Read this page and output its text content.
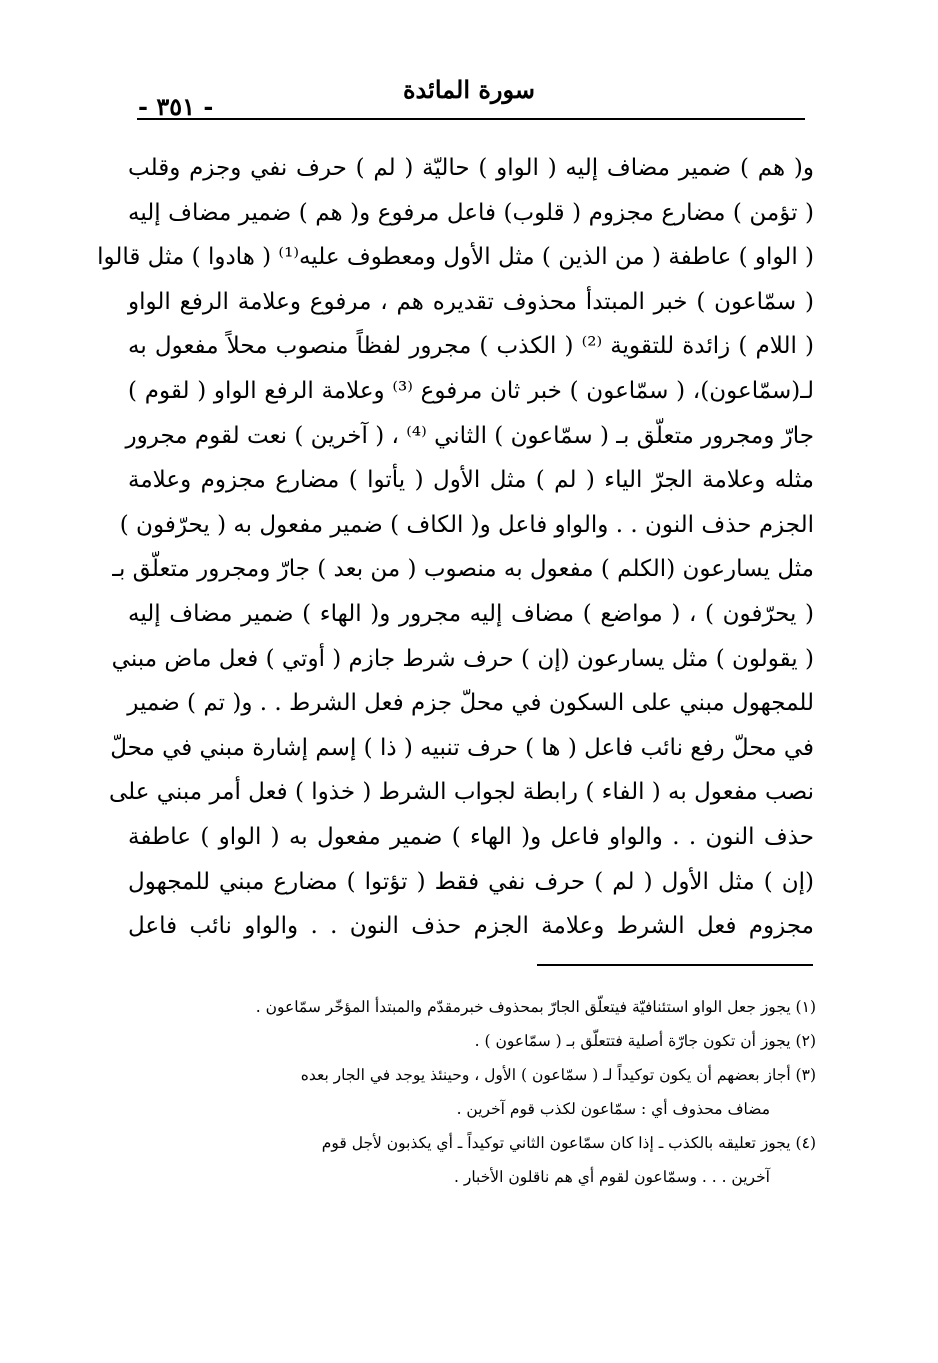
سورة المائدة
- ٣٥١ -
و( هم ) ضمير مضاف إليه ( الواو ) حاليّة ( لم ) حرف نفي وجزم وقلب
( تؤمن ) مضارع مجزوم ( قلوب) فاعل مرفوع و( هم ) ضمير مضاف إليه
( الواو ) عاطفة ( من الذين ) مثل الأول ومعطوف عليه⁽¹⁾ ( هادوا ) مثل قالوا
( سمّاعون ) خبر المبتدأ محذوف تقديره هم ، مرفوع وعلامة الرفع الواو
( اللام ) زائدة للتقوية ⁽²⁾ ( الكذب ) مجرور لفظاً منصوب محلاً مفعول به
لـ(سمّاعون)، ( سمّاعون ) خبر ثان مرفوع ⁽³⁾ وعلامة الرفع الواو ( لقوم )
جارّ ومجرور متعلّق بـ ( سمّاعون ) الثاني ⁽⁴⁾ ، ( آخرين ) نعت لقوم مجرور
مثله وعلامة الجرّ الياء ( لم ) مثل الأول ( يأتوا ) مضارع مجزوم وعلامة
الجزم حذف النون . . والواو فاعل و( الكاف ) ضمير مفعول به ( يحرّفون )
مثل يسارعون (الكلم ) مفعول به منصوب ( من بعد ) جارّ ومجرور متعلّق بـ
( يحرّفون ) ، ( مواضع ) مضاف إليه مجرور و( الهاء ) ضمير مضاف إليه
( يقولون ) مثل يسارعون (إن ) حرف شرط جازم ( أوتي ) فعل ماض مبني
للمجهول مبني على السكون في محلّ جزم فعل الشرط . . و( تم ) ضمير
في محلّ رفع نائب فاعل ( ها ) حرف تنبيه ( ذا ) إسم إشارة مبني في محلّ
نصب مفعول به ( الفاء ) رابطة لجواب الشرط ( خذوا ) فعل أمر مبني على
حذف النون . . والواو فاعل و( الهاء ) ضمير مفعول به ( الواو ) عاطفة
(إن ) مثل الأول ( لم ) حرف نفي فقط ( تؤتوا ) مضارع مبني للمجهول
مجزوم فعل الشرط وعلامة الجزم حذف النون . . والواو نائب فاعل
(١) يجوز جعل الواو استئنافيّة فيتعلّق الجارّ بمحذوف خبرمقدّم والمبتدأ المؤخّر سمّاعون .
(٢) يجوز أن تكون جارّة أصلية فتتعلّق بـ ( سمّاعون ) .
(٣) أجاز بعضهم أن يكون توكيداً لـ ( سمّاعون ) الأول ، وحينئذ يوجد في الجار بعده
مضاف محذوف أي : سمّاعون لكذب قوم آخرين .
(٤) يجوز تعليقه بالكذب ـ إذا كان سمّاعون الثاني توكيداً ـ أي يكذبون لأجل قوم
آخرين . . . وسمّاعون لقوم أي هم ناقلون الأخبار .
